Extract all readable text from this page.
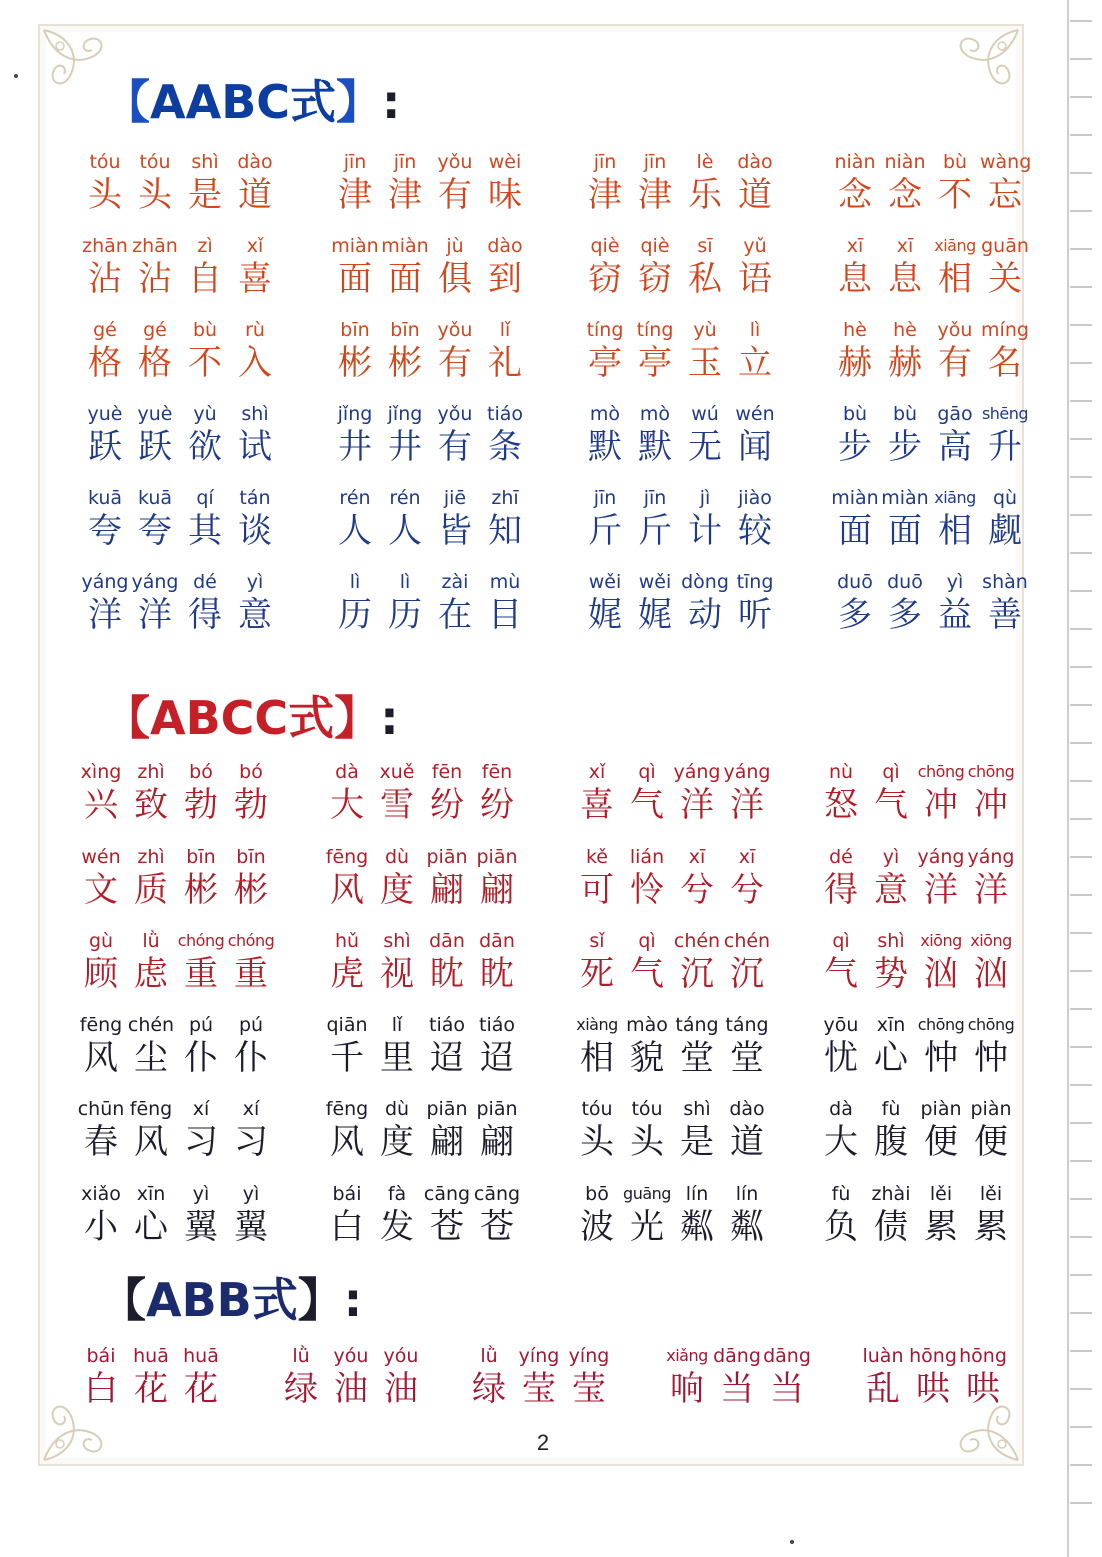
【AABC式】:
【ABCC式】:
【ABB式】:
tóu tóu	shì dào
头 头 是 道
jīn	jīn	yǒu wèi
津 津 有 味
jīn	jīn	lè	dào
津 津 乐 道
niàn niàn bù wàng
念 念 不 忘
zhān zhān	zì	xǐ
沾 沾 自 喜
miàn miàn jù	dào
面 面 俱 到
qiè	qiè	sī	yǔ
窃 窃 私 语
xī	xī	xiāng guān
息 息 相 关
gé	gé	bù	rù
格 格 不 入
bīn	bīn yǒu	lǐ
彬 彬 有 礼
tíng tíng	yù	lì
亭 亭 玉 立
hè	hè	yǒu míng
赫 赫 有 名
yuè yuè	yù	shì
跃 跃 欲 试
jǐng jǐng yǒu tiáo
井 井 有 条
mò	mò	wú wén
默 默 无 闻
bù	bù	gāo shēng
步 步 高 升
kuā kuā	qí	tán
夸 夸 其 谈
rén rén	jiē	zhī
人 人 皆 知
jīn	jīn	jì	jiào
斤 斤 计 较
miàn miàn xiāng qù
面 面 相 觑
yáng yáng dé	yì
洋 洋 得 意
lì	lì	zài	mù
历 历 在 目
wěi wěi dòng tīng
娓 娓 动 听
duō duō	yì shàn
多 多 益 善
xìng zhì	bó	bó
兴 致 勃 勃
dà	xuě fēn	fēn
大 雪 纷 纷
xǐ	qì yáng yáng
喜 气 洋 洋
nù	qì	chōng chōng
怒 气 冲 冲
wén zhì	bīn	bīn
文 质 彬 彬
fēng dù piān piān
风 度 翩 翩
kě	lián	xī	xī
可 怜 兮 兮
dé	yì yáng yáng
得 意 洋 洋
gù	lǜ	chóng chóng
顾 虑 重 重
hǔ	shì dān dān
虎 视 眈 眈
sǐ	qì chén chén
死 气 沉 沉
qì	shì xiōng xiōng
气 势 汹 汹
fēng chén pú	pú
风 尘 仆 仆
qiān	lǐ	tiáo tiáo
千 里 迢 迢
xiàng mào táng táng
相 貌 堂 堂
yōu xīn chōng chōng
忧 心 忡 忡
chūn fēng	xí	xí
春 风 习 习
fēng dù piān piān
风 度 翩 翩
tóu tóu	shì dào
头 头 是 道
dà	fù	piàn piàn
大 腹 便 便
xiǎo xīn	yì	yì
小 心 翼 翼
bái	fà cāng cāng
白 发 苍 苍
bō guāng lín	lín
波 光 粼 粼
fù	zhài	lěi	lěi
负 债 累 累
bái huā huā
白 花 花
lǜ	yóu yóu
绿 油 油
lǜ	yíng yíng
绿 莹 莹
xiǎng dāng dāng
响 当 当
luàn hōng hōng
乱 哄 哄
2
